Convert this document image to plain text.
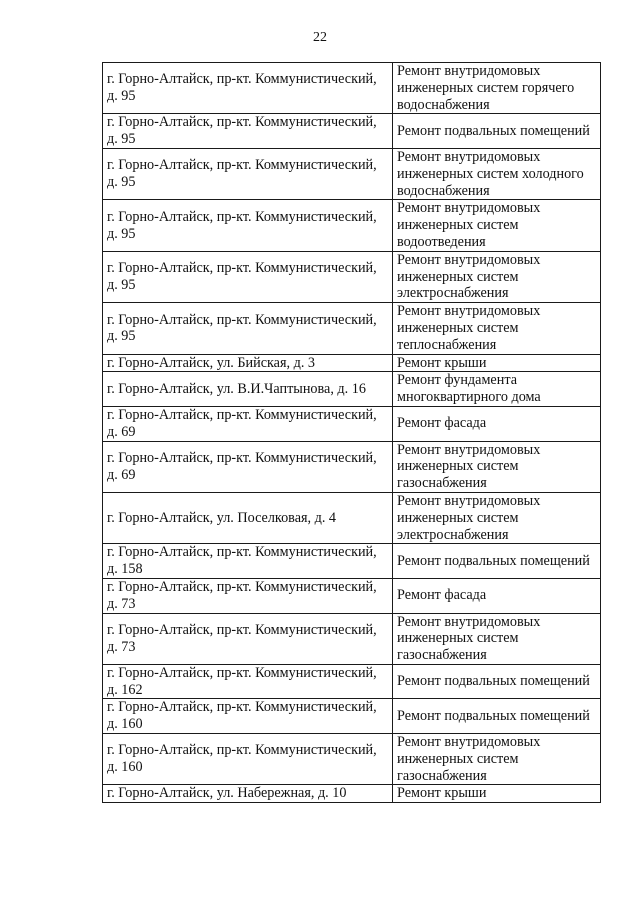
22
г. Горно-Алтайск, пр-кт. Коммунистический, д. 95	Ремонт внутридомовых инженерных систем горячего водоснабжения
г. Горно-Алтайск, пр-кт. Коммунистический, д. 95	Ремонт подвальных помещений
г. Горно-Алтайск, пр-кт. Коммунистический, д. 95	Ремонт внутридомовых инженерных систем холодного водоснабжения
г. Горно-Алтайск, пр-кт. Коммунистический, д. 95	Ремонт внутридомовых инженерных систем водоотведения
г. Горно-Алтайск, пр-кт. Коммунистический, д. 95	Ремонт внутридомовых инженерных систем электроснабжения
г. Горно-Алтайск, пр-кт. Коммунистический, д. 95	Ремонт внутридомовых инженерных систем теплоснабжения
г. Горно-Алтайск, ул. Бийская, д. 3	Ремонт крыши
г. Горно-Алтайск, ул. В.И.Чаптынова, д. 16	Ремонт фундамента многоквартирного дома
г. Горно-Алтайск, пр-кт. Коммунистический, д. 69	Ремонт фасада
г. Горно-Алтайск, пр-кт. Коммунистический, д. 69	Ремонт внутридомовых инженерных систем газоснабжения
г. Горно-Алтайск, ул. Поселковая, д. 4	Ремонт внутридомовых инженерных систем электроснабжения
г. Горно-Алтайск, пр-кт. Коммунистический, д. 158	Ремонт подвальных помещений
г. Горно-Алтайск, пр-кт. Коммунистический, д. 73	Ремонт фасада
г. Горно-Алтайск, пр-кт. Коммунистический, д. 73	Ремонт внутридомовых инженерных систем газоснабжения
г. Горно-Алтайск, пр-кт. Коммунистический, д. 162	Ремонт подвальных помещений
г. Горно-Алтайск, пр-кт. Коммунистический, д. 160	Ремонт подвальных помещений
г. Горно-Алтайск, пр-кт. Коммунистический, д. 160	Ремонт внутридомовых инженерных систем газоснабжения
г. Горно-Алтайск, ул. Набережная, д. 10	Ремонт крыши
